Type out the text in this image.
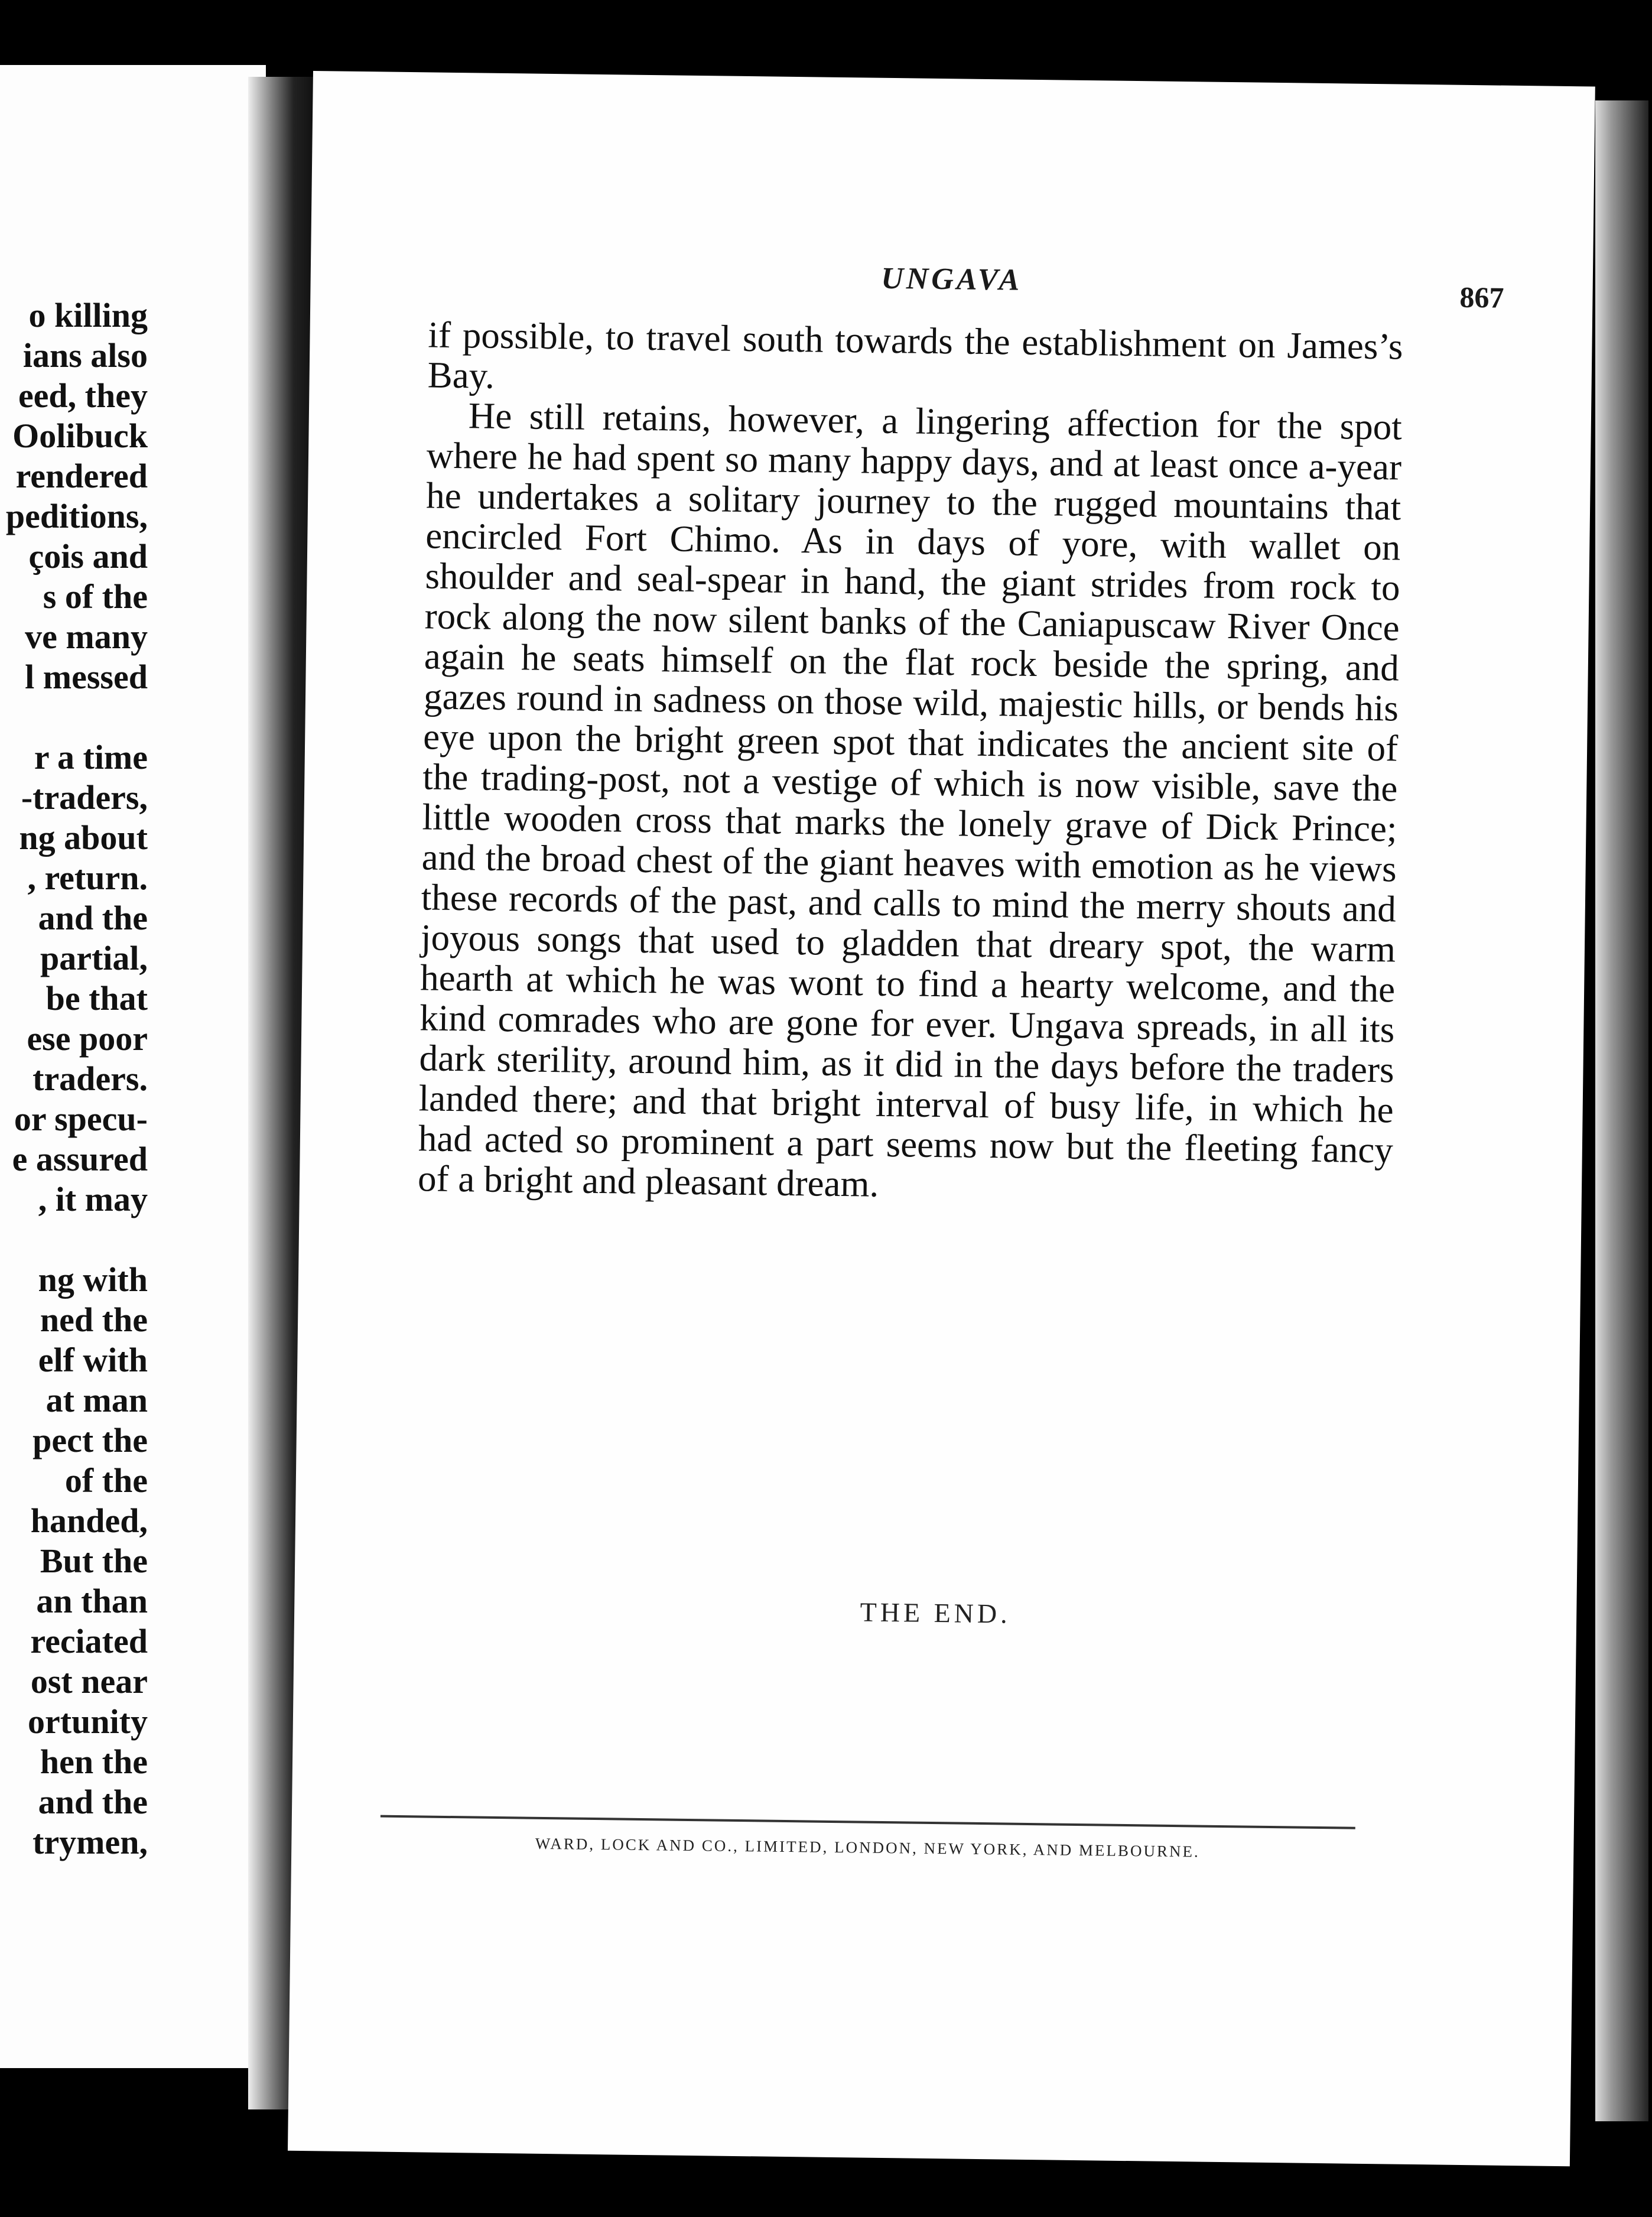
o killing
ians also
eed, they
Oolibuck
rendered
peditions,
çois and
s of the
ve many
l messed
r a time
-traders,
ng about
, return.
and the
partial,
be that
ese poor
traders.
or specu-
e assured
, it may
ng with
ned the
elf with
at man
pect the
of the
handed,
But the
an than
reciated
ost near
ortunity
hen the
and the
trymen,
UNGAVA
867

if possible, to travel south towards the establishment on James’s Bay.

He still retains, however, a lingering affection for the spot where he had spent so many happy days, and at least once a-year he undertakes a solitary journey to the rugged mountains that encircled Fort Chimo. As in days of yore, with wallet on shoulder and seal-spear in hand, the giant strides from rock to rock along the now silent banks of the Caniapuscaw River Once again he seats himself on the flat rock beside the spring, and gazes round in sadness on those wild, majestic hills, or bends his eye upon the bright green spot that indicates the ancient site of the trading-post, not a vestige of which is now visible, save the little wooden cross that marks the lonely grave of Dick Prince; and the broad chest of the giant heaves with emotion as he views these records of the past, and calls to mind the merry shouts and joyous songs that used to gladden that dreary spot, the warm hearth at which he was wont to find a hearty welcome, and the kind comrades who are gone for ever. Ungava spreads, in all its dark sterility, around him, as it did in the days before the traders landed there; and that bright interval of busy life, in which he had acted so prominent a part seems now but the fleeting fancy of a bright and pleasant dream.

THE END.
WARD, LOCK AND CO., LIMITED, LONDON, NEW YORK, AND MELBOURNE.
